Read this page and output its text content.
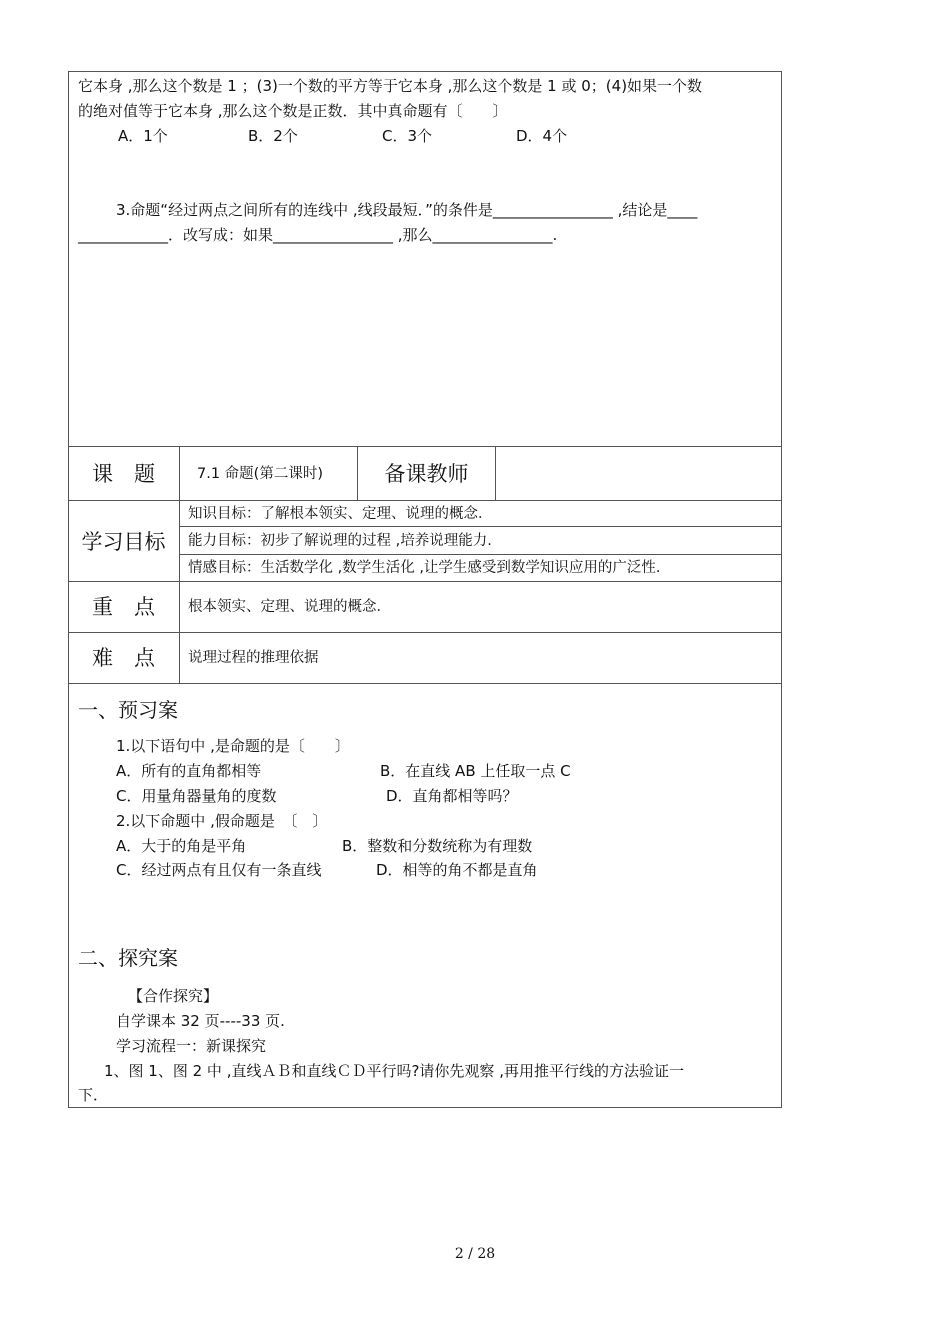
它本身 ,那么这个数是 1 ；(3)一个数的平方等于它本身 ,那么这个数是 1 或 0；(4)如果一个数
的绝对值等于它本身 ,那么这个数是正数．其中真命题有〔　　〕
A．1个	B．2个	C．3个	D．4个
3.命题“经过两点之间所有的连线中 ,线段最短．”的条件是________________ ,结论是____
____________．改写成：如果________________ ,那么________________.
课　题	7.1 命题(第二课时)	备课教师
学习目标
知识目标：了解根本领实、定理、说理的概念．
能力目标：初步了解说理的过程 ,培养说理能力.
情感目标：生活数学化 ,数学生活化 ,让学生感受到数学知识应用的广泛性.
重　点	根本领实、定理、说理的概念．
难　点	说理过程的推理依据
一、预习案
1.以下语句中 ,是命题的是〔　　〕
A．所有的直角都相等	B．在直线 AB 上任取一点 C
C．用量角器量角的度数	D．直角都相等吗？
2.以下命题中 ,假命题是　〔　〕
A．大于的角是平角	B．整数和分数统称为有理数
C．经过两点有且仅有一条直线	D．相等的角不都是直角
二、探究案
【合作探究】
自学课本 32 页----33 页.
学习流程一：新课探究
1、图 1、图 2 中 ,直线ＡＢ和直线ＣＤ平行吗?请你先观察 ,再用推平行线的方法验证一
下．
2 / 28
